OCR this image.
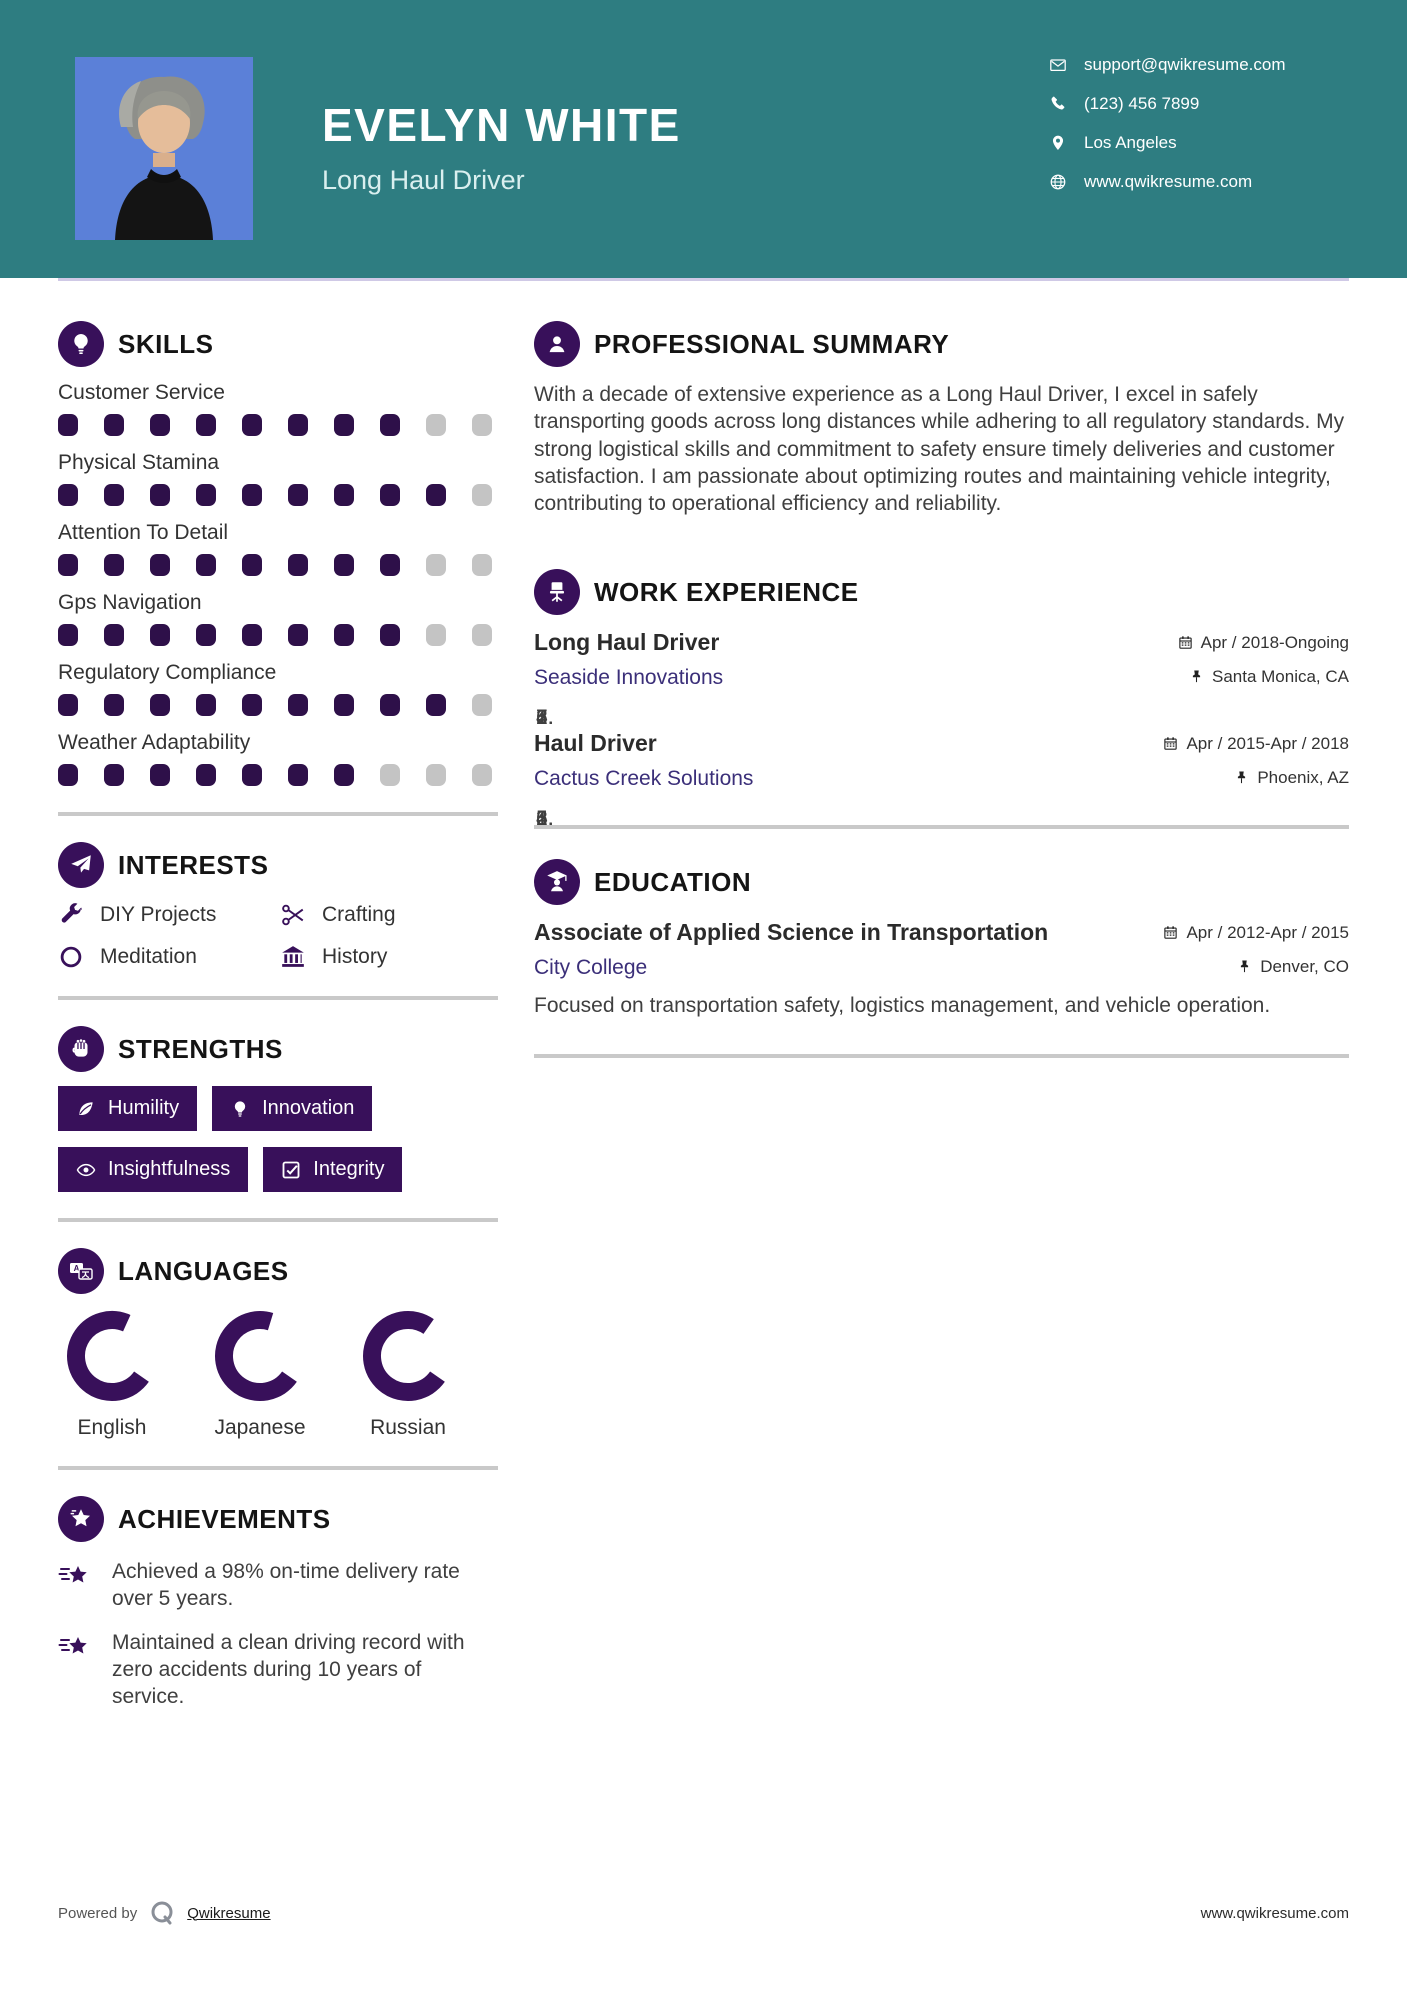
EVELYN WHITE
Long Haul Driver
support@qwikresume.com
(123) 456 7899
Los Angeles
www.qwikresume.com
SKILLS
Customer Service
Physical Stamina
Attention To Detail
Gps Navigation
Regulatory Compliance
Weather Adaptability
INTERESTS
DIY Projects	Crafting
Meditation	History
STRENGTHS
Humility	Innovation
Insightfulness	Integrity
A LANGUAGES
English	Japanese	Russian
ACHIEVEMENTS
Achieved a 98% on-time delivery rate over 5 years.
Maintained a clean driving record with zero accidents during 10 years of service.
PROFESSIONAL SUMMARY

With a decade of extensive experience as a Long Haul Driver, I excel in safely transporting goods across long distances while adhering to all regulatory standards. My strong logistical skills and commitment to safety ensure timely deliveries and customer satisfaction. I am passionate about optimizing routes and maintaining vehicle integrity, contributing to operational efficiency and reliability.

WORK EXPERIENCE
Long Haul Driver	Apr / 2018-Ongoing
Seaside Innovations	Santa Monica, CA
Haul Driver	Apr / 2015-Apr / 2018
Cactus Creek Solutions	Phoenix, AZ
EDUCATION
Associate of Applied Science in Transportation	Apr / 2012-Apr / 2015
City College	Denver, CO

Focused on transportation safety, logistics management, and vehicle operation.

Powered by	Qwikresume	www.qwikresume.com
